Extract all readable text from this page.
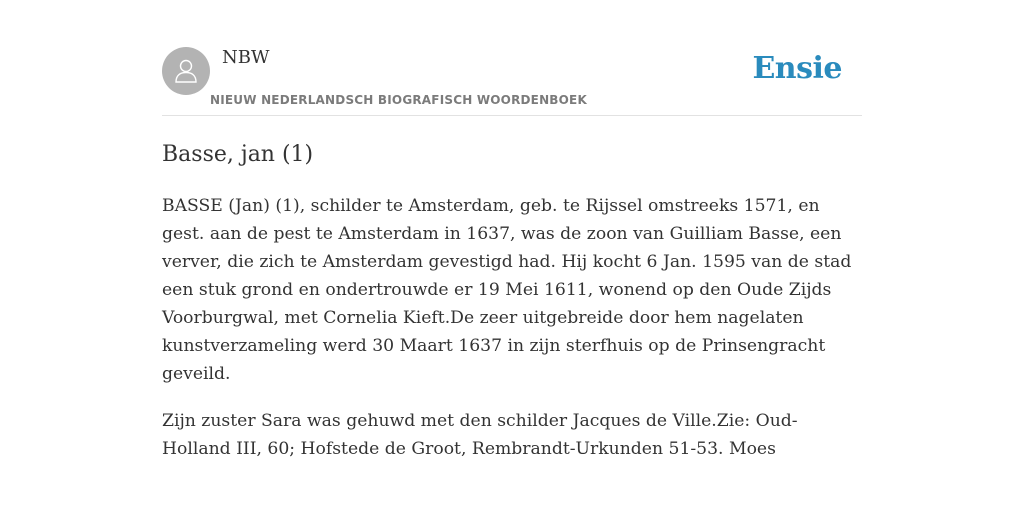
NBW
NIEUW NEDERLANDSCH BIOGRAFISCH WOORDENBOEK
Ensie
Basse, jan (1)

BASSE (Jan) (1), schilder te Amsterdam, geb. te Rijssel omstreeks 1571, en gest. aan de pest te Amsterdam in 1637, was de zoon van Guilliam Basse, een verver, die zich te Amsterdam gevestigd had. Hij kocht 6 Jan. 1595 van de stad een stuk grond en ondertrouwde er 19 Mei 1611, wonend op den Oude Zijds Voorburgwal, met Cornelia Kieft.De zeer uitgebreide door hem nagelaten kunstverzameling werd 30 Maart 1637 in zijn sterfhuis op de Prinsengracht geveild.

Zijn zuster Sara was gehuwd met den schilder Jacques de Ville.Zie: Oud-Holland III, 60; Hofstede de Groot, Rembrandt-Urkunden 51-53. Moes
